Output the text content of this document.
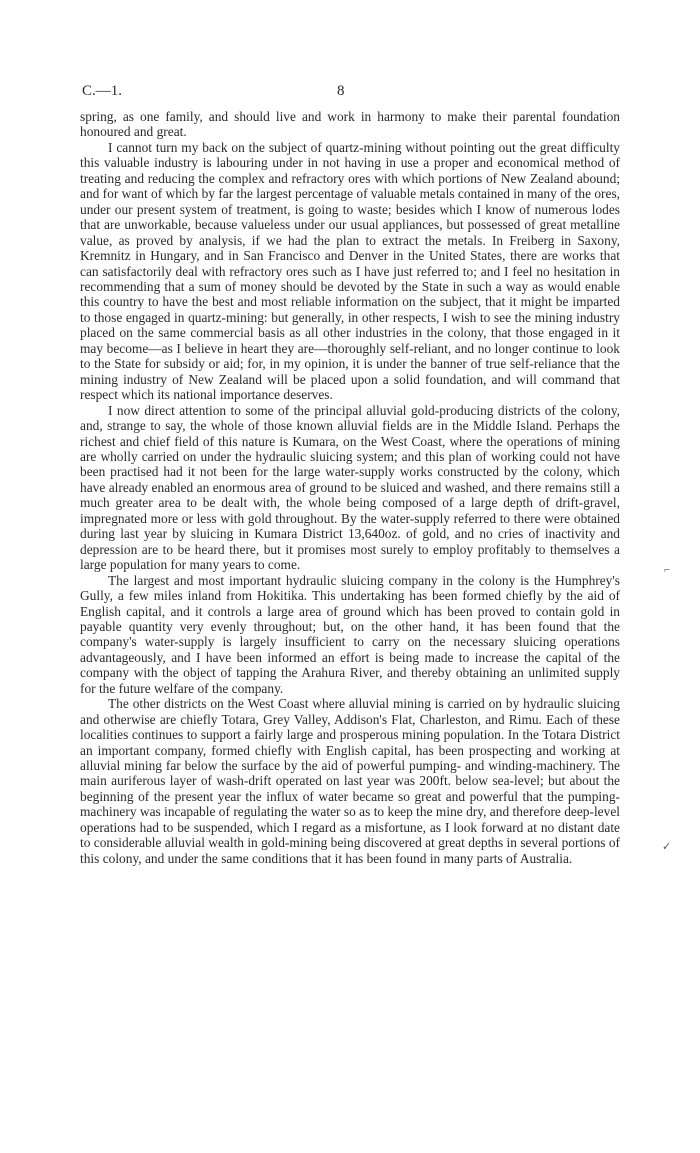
C.—1.	8

spring, as one family, and should live and work in harmony to make their parental foundation honoured and great.

I cannot turn my back on the subject of quartz-mining without pointing out the great difficulty this valuable industry is labouring under in not having in use a proper and economical method of treating and reducing the complex and refractory ores with which portions of New Zealand abound; and for want of which by far the largest percentage of valuable metals contained in many of the ores, under our present system of treatment, is going to waste; besides which I know of numerous lodes that are unworkable, because valueless under our usual appliances, but possessed of great metalline value, as proved by analysis, if we had the plan to extract the metals. In Freiberg in Saxony, Kremnitz in Hungary, and in San Francisco and Denver in the United States, there are works that can satisfactorily deal with refractory ores such as I have just referred to; and I feel no hesitation in recommending that a sum of money should be devoted by the State in such a way as would enable this country to have the best and most reliable information on the subject, that it might be imparted to those engaged in quartz-mining: but generally, in other respects, I wish to see the mining industry placed on the same commercial basis as all other industries in the colony, that those engaged in it may become—as I believe in heart they are—thoroughly self-reliant, and no longer continue to look to the State for subsidy or aid; for, in my opinion, it is under the banner of true self-reliance that the mining industry of New Zealand will be placed upon a solid foundation, and will command that respect which its national importance deserves.

I now direct attention to some of the principal alluvial gold-producing districts of the colony, and, strange to say, the whole of those known alluvial fields are in the Middle Island. Perhaps the richest and chief field of this nature is Kumara, on the West Coast, where the operations of mining are wholly carried on under the hydraulic sluicing system; and this plan of working could not have been practised had it not been for the large water-supply works constructed by the colony, which have already enabled an enormous area of ground to be sluiced and washed, and there remains still a much greater area to be dealt with, the whole being composed of a large depth of drift-gravel, impregnated more or less with gold throughout. By the water-supply referred to there were obtained during last year by sluicing in Kumara District 13,640oz. of gold, and no cries of inactivity and depression are to be heard there, but it promises most surely to employ profitably to themselves a large population for many years to come.

The largest and most important hydraulic sluicing company in the colony is the Humphrey's Gully, a few miles inland from Hokitika. This undertaking has been formed chiefly by the aid of English capital, and it controls a large area of ground which has been proved to contain gold in payable quantity very evenly throughout; but, on the other hand, it has been found that the company's water-supply is largely insufficient to carry on the necessary sluicing operations advantageously, and I have been informed an effort is being made to increase the capital of the company with the object of tapping the Arahura River, and thereby obtaining an unlimited supply for the future welfare of the company.

The other districts on the West Coast where alluvial mining is carried on by hydraulic sluicing and otherwise are chiefly Totara, Grey Valley, Addison's Flat, Charleston, and Rimu. Each of these localities continues to support a fairly large and prosperous mining population. In the Totara District an important company, formed chiefly with English capital, has been prospecting and working at alluvial mining far below the surface by the aid of powerful pumping- and winding-machinery. The main auriferous layer of wash-drift operated on last year was 200ft. below sea-level; but about the beginning of the present year the influx of water became so great and powerful that the pumping-machinery was incapable of regulating the water so as to keep the mine dry, and therefore deep-level operations had to be suspended, which I regard as a misfortune, as I look forward at no distant date to considerable alluvial wealth in gold-mining being discovered at great depths in several portions of this colony, and under the same conditions that it has been found in many parts of Australia.

⌐
✓
